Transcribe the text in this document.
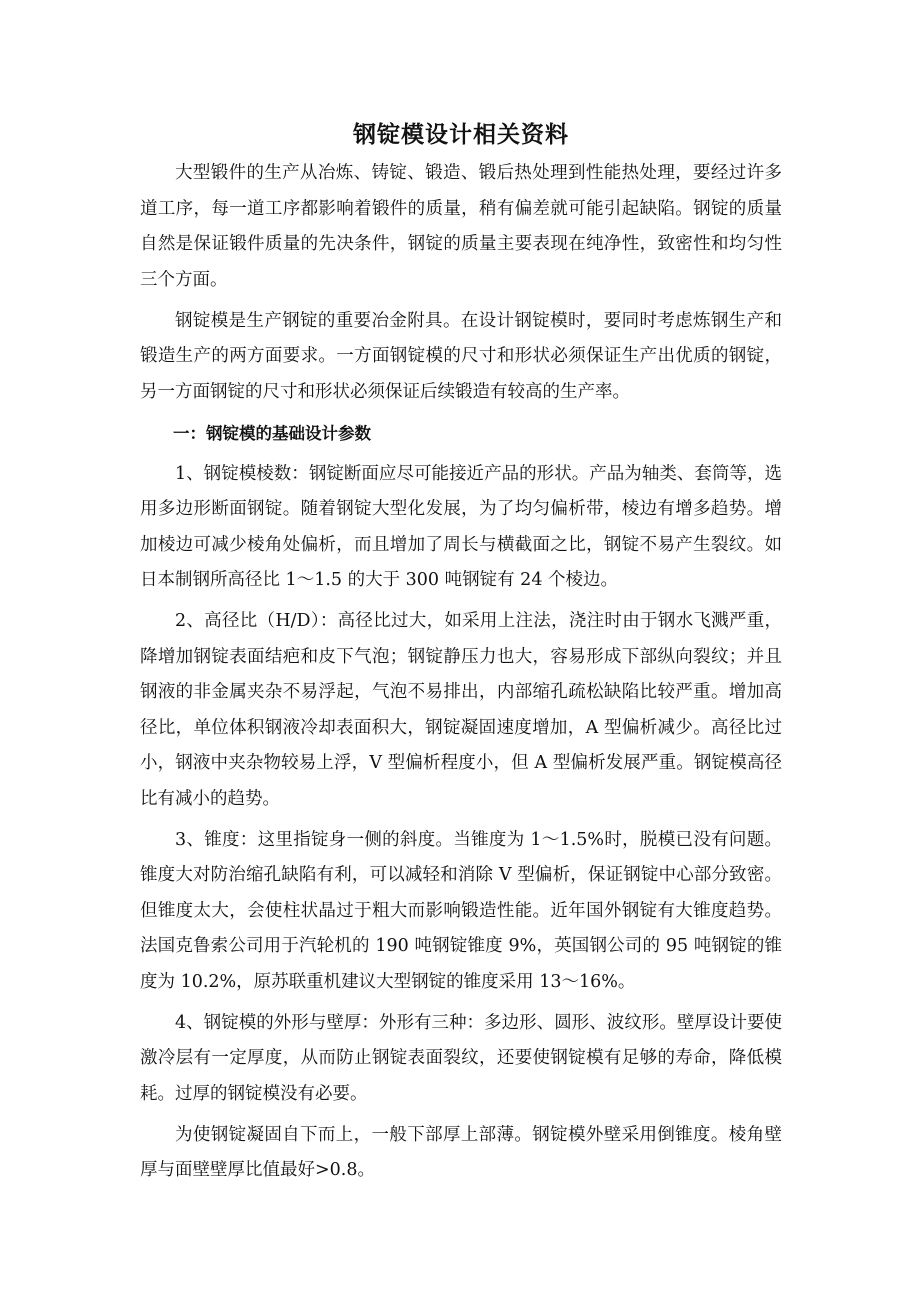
钢锭模设计相关资料

大型锻件的生产从冶炼、铸锭、锻造、锻后热处理到性能热处理，要经过许多道工序，每一道工序都影响着锻件的质量，稍有偏差就可能引起缺陷。钢锭的质量自然是保证锻件质量的先决条件，钢锭的质量主要表现在纯净性，致密性和均匀性三个方面。

钢锭模是生产钢锭的重要冶金附具。在设计钢锭模时，要同时考虑炼钢生产和锻造生产的两方面要求。一方面钢锭模的尺寸和形状必须保证生产出优质的钢锭，另一方面钢锭的尺寸和形状必须保证后续锻造有较高的生产率。

一：钢锭模的基础设计参数

1、钢锭模棱数：钢锭断面应尽可能接近产品的形状。产品为轴类、套筒等，选用多边形断面钢锭。随着钢锭大型化发展，为了均匀偏析带，棱边有增多趋势。增加棱边可减少棱角处偏析，而且增加了周长与横截面之比，钢锭不易产生裂纹。如日本制钢所高径比 1～1.5 的大于 300 吨钢锭有 24 个棱边。

2、高径比（H/D）：高径比过大，如采用上注法，浇注时由于钢水飞溅严重，降增加钢锭表面结疤和皮下气泡；钢锭静压力也大，容易形成下部纵向裂纹；并且钢液的非金属夹杂不易浮起，气泡不易排出，内部缩孔疏松缺陷比较严重。增加高径比，单位体积钢液冷却表面积大，钢锭凝固速度增加，A 型偏析减少。高径比过小，钢液中夹杂物较易上浮，V 型偏析程度小，但 A 型偏析发展严重。钢锭模高径比有减小的趋势。

3、锥度：这里指锭身一侧的斜度。当锥度为 1～1.5%时，脱模已没有问题。锥度大对防治缩孔缺陷有利，可以减轻和消除 V 型偏析，保证钢锭中心部分致密。但锥度太大，会使柱状晶过于粗大而影响锻造性能。近年国外钢锭有大锥度趋势。法国克鲁索公司用于汽轮机的 190 吨钢锭锥度 9%，英国钢公司的 95 吨钢锭的锥度为 10.2%，原苏联重机建议大型钢锭的锥度采用 13～16%。

4、钢锭模的外形与壁厚：外形有三种：多边形、圆形、波纹形。壁厚设计要使激冷层有一定厚度，从而防止钢锭表面裂纹，还要使钢锭模有足够的寿命，降低模耗。过厚的钢锭模没有必要。

为使钢锭凝固自下而上，一般下部厚上部薄。钢锭模外壁采用倒锥度。棱角壁厚与面壁壁厚比值最好>0.8。
